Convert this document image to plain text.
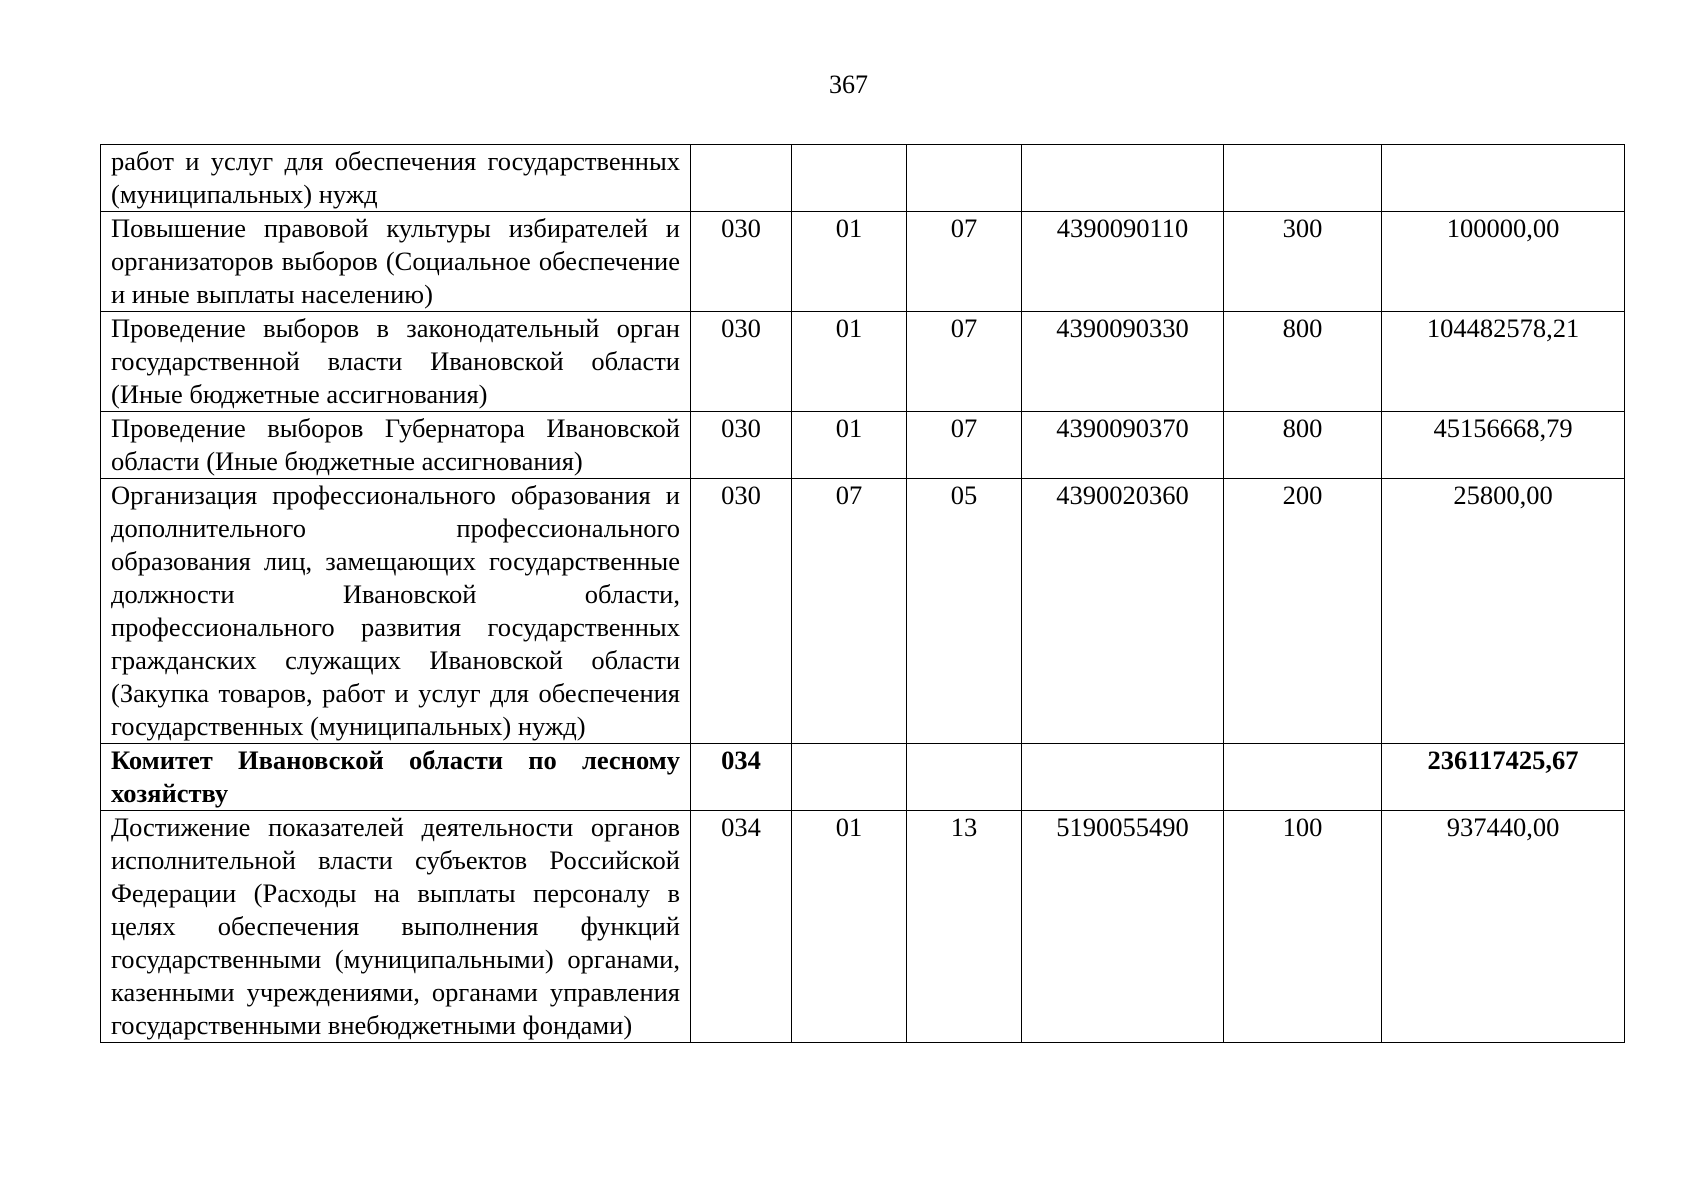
367
работ и услуг для обеспечения государственных (муниципальных) нужд						
Повышение правовой культуры избирателей и организаторов выборов (Социальное обеспечение и иные выплаты населению)	030	01	07	4390090110	300	100000,00
Проведение выборов в законодательный орган государственной власти Ивановской области (Иные бюджетные ассигнования)	030	01	07	4390090330	800	104482578,21
Проведение выборов Губернатора Ивановской области (Иные бюджетные ассигнования)	030	01	07	4390090370	800	45156668,79
Организация профессионального образования и дополнительного профессионального образования лиц, замещающих государственные должности Ивановской области, профессионального развития государственных гражданских служащих Ивановской области (Закупка товаров, работ и услуг для обеспечения государственных (муниципальных) нужд)	030	07	05	4390020360	200	25800,00
Комитет Ивановской области по лесному хозяйству	034					236117425,67
Достижение показателей деятельности органов исполнительной власти субъектов Российской Федерации (Расходы на выплаты персоналу в целях обеспечения выполнения функций государственными (муниципальными) органами, казенными учреждениями, органами управления государственными внебюджетными фондами)	034	01	13	5190055490	100	937440,00
